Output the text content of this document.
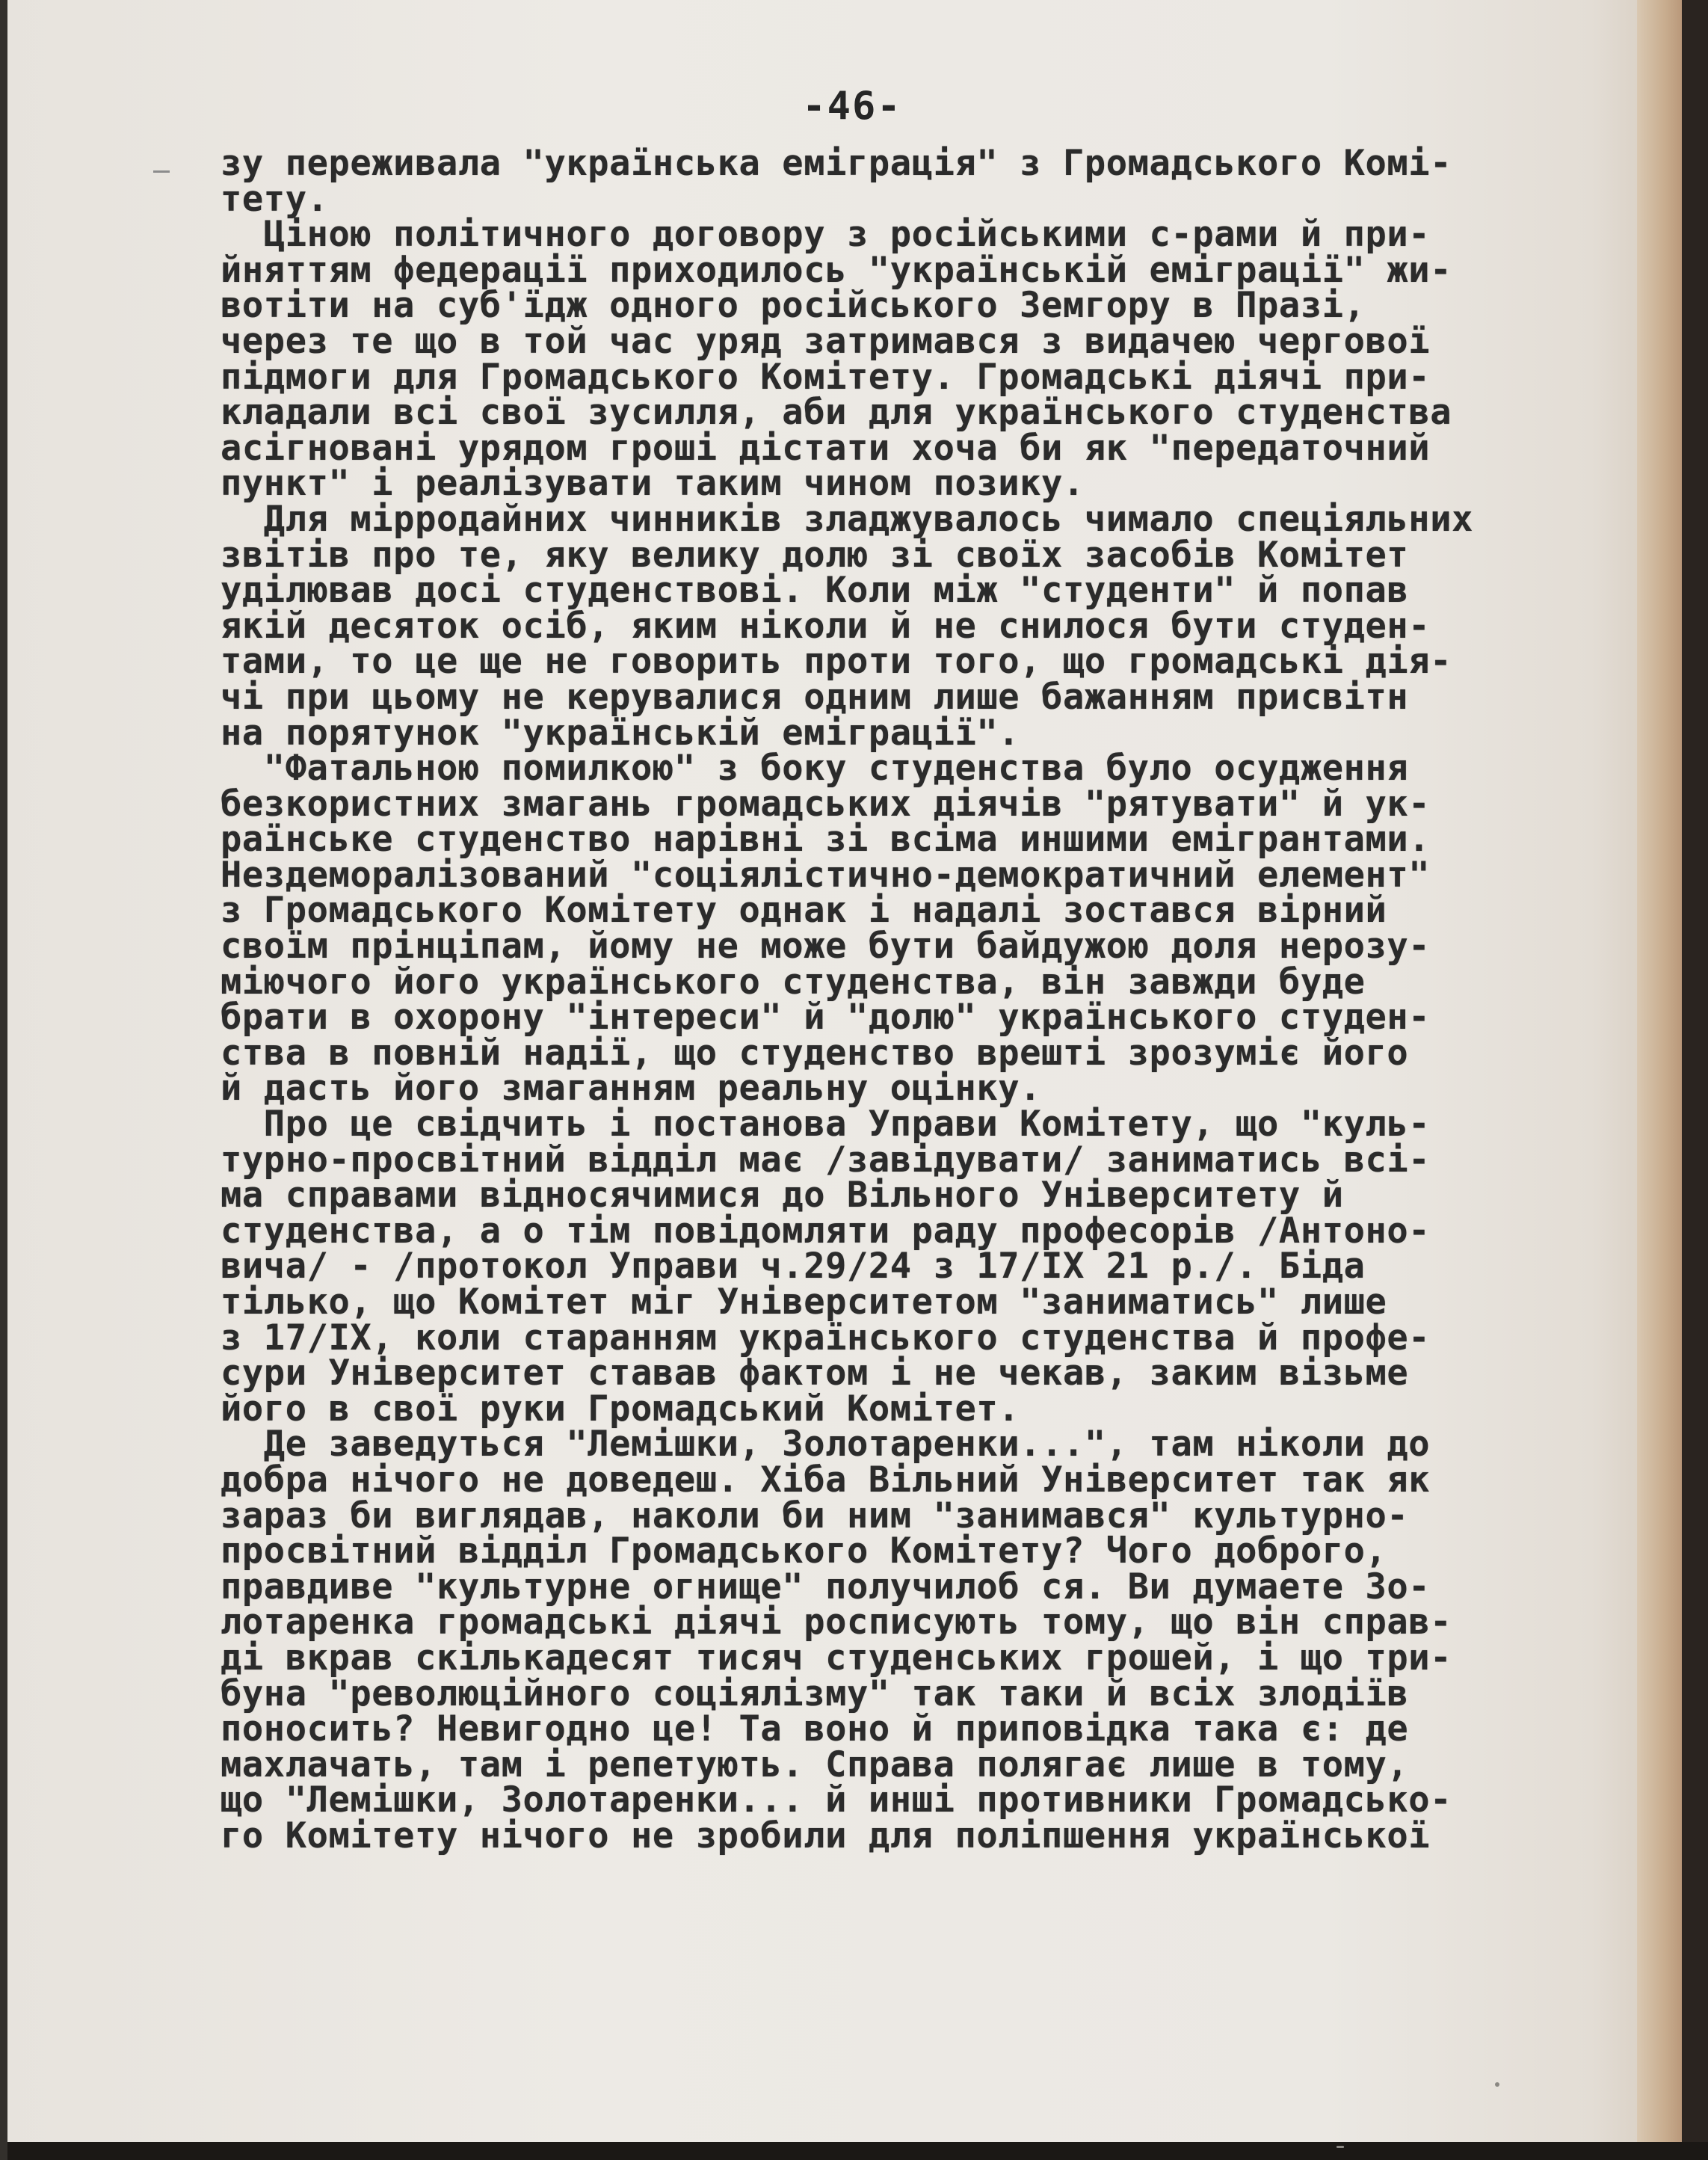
-46-
зу переживала "українська еміграція" з Громадського Комі-
тету.
Ціною політичного договору з російськими с-рами й при-
йняттям федерації приходилось "українській еміграції" жи-
вотіти на суб'їдж одного російського Земгору в Празі,
через те що в той час уряд затримався з видачею чергової
підмоги для Громадського Комітету. Громадські діячі при-
кладали всі свої зусилля, аби для українського студенства
асігновані урядом гроші дістати хоча би як "передаточний
пункт" і реалізувати таким чином позику.
Для мірродайних чинників зладжувалось чимало спеціяльних
звітів про те, яку велику долю зі своїх засобів Комітет
уділював досі студенствові. Коли між "студенти" й попав
якій десяток осіб, яким ніколи й не снилося бути студен-
тами, то це ще не говорить проти того, що громадські дія-
чі при цьому не керувалися одним лише бажанням присвітн
на порятунок "українській еміграції".
"Фатальною помилкою" з боку студенства було осудження
безкористних змагань громадських діячів "рятувати" й ук-
раїнське студенство нарівні зі всіма иншими емігрантами.
Нездеморалізований "соціялістично-демократичний елемент"
з Громадського Комітету однак і надалі зостався вірний
своїм прінціпам, йому не може бути байдужою доля нерозу-
міючого його українського студенства, він завжди буде
брати в охорону "інтереси" й "долю" українського студен-
ства в повній надії, що студенство врешті зрозуміє його
й дасть його змаганням реальну оцінку.
Про це свідчить і постанова Управи Комітету, що "куль-
турно-просвітний відділ має /завідувати/ заниматись всі-
ма справами відносячимися до Вільного Університету й
студенства, а о тім повідомляти раду професорів /Антоно-
вича/ - /протокол Управи ч.29/24 з 17/IX 21 р./. Біда
тілько, що Комітет міг Університетом "заниматись" лише
з 17/IX, коли старанням українського студенства й профе-
сури Університет ставав фактом і не чекав, заким візьме
його в свої руки Громадський Комітет.
Де заведуться "Лемішки, Золотаренки...", там ніколи до
добра нічого не доведеш. Хіба Вільний Університет так як
зараз би виглядав, наколи би ним "занимався" культурно-
просвітний відділ Громадського Комітету? Чого доброго,
правдиве "культурне огнище" получилоб ся. Ви думаете Зо-
лотаренка громадські діячі росписують тому, що він справ-
ді вкрав скількадесят тисяч студенських грошей, і що три-
буна "революційного соціялізму" так таки й всіх злодіїв
поносить? Невигодно це! Та воно й приповідка така є: де
махлачать, там і репетують. Справа полягає лише в тому,
що "Лемішки, Золотаренки... й инші противники Громадсько-
го Комітету нічого не зробили для поліпшення української
